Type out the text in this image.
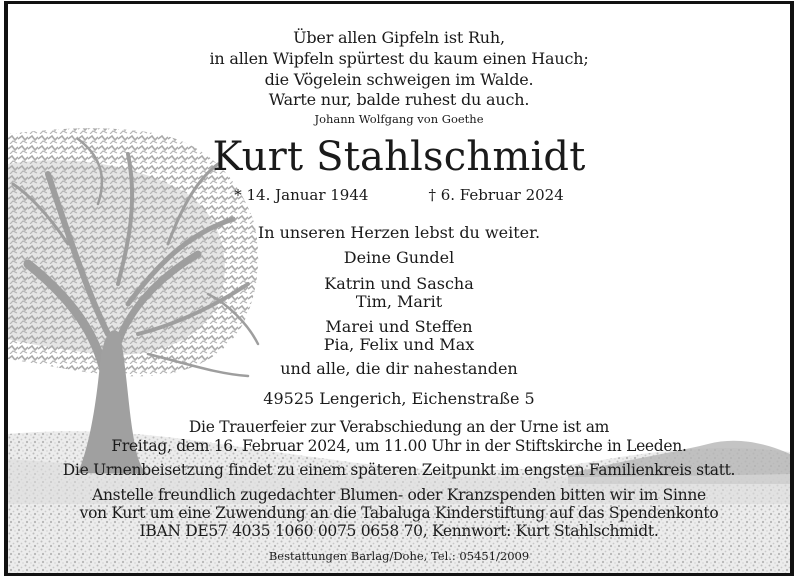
Über allen Gipfeln ist Ruh,
in allen Wipfeln spürtest du kaum einen Hauch;
die Vögelein schweigen im Walde.
Warte nur, balde ruhest du auch.
Johann Wolfgang von Goethe
Kurt Stahlschmidt
* 14. Januar 1944	† 6. Februar 2024
In unseren Herzen lebst du weiter.
Deine Gundel
Katrin und Sascha
Tim, Marit
Marei und Steffen
Pia, Felix und Max
und alle, die dir nahestanden
49525 Lengerich, Eichenstraße 5
Die Trauerfeier zur Verabschiedung an der Urne ist am
Freitag, dem 16. Februar 2024, um 11.00 Uhr in der Stiftskirche in Leeden.
Die Urnenbeisetzung findet zu einem späteren Zeitpunkt im engsten Familienkreis statt.
Anstelle freundlich zugedachter Blumen- oder Kranzspenden bitten wir im Sinne
von Kurt um eine Zuwendung an die Tabaluga Kinderstiftung auf das Spendenkonto
IBAN DE57 4035 1060 0075 0658 70, Kennwort: Kurt Stahlschmidt.
Bestattungen Barlag/Dohe, Tel.: 05451/2009
